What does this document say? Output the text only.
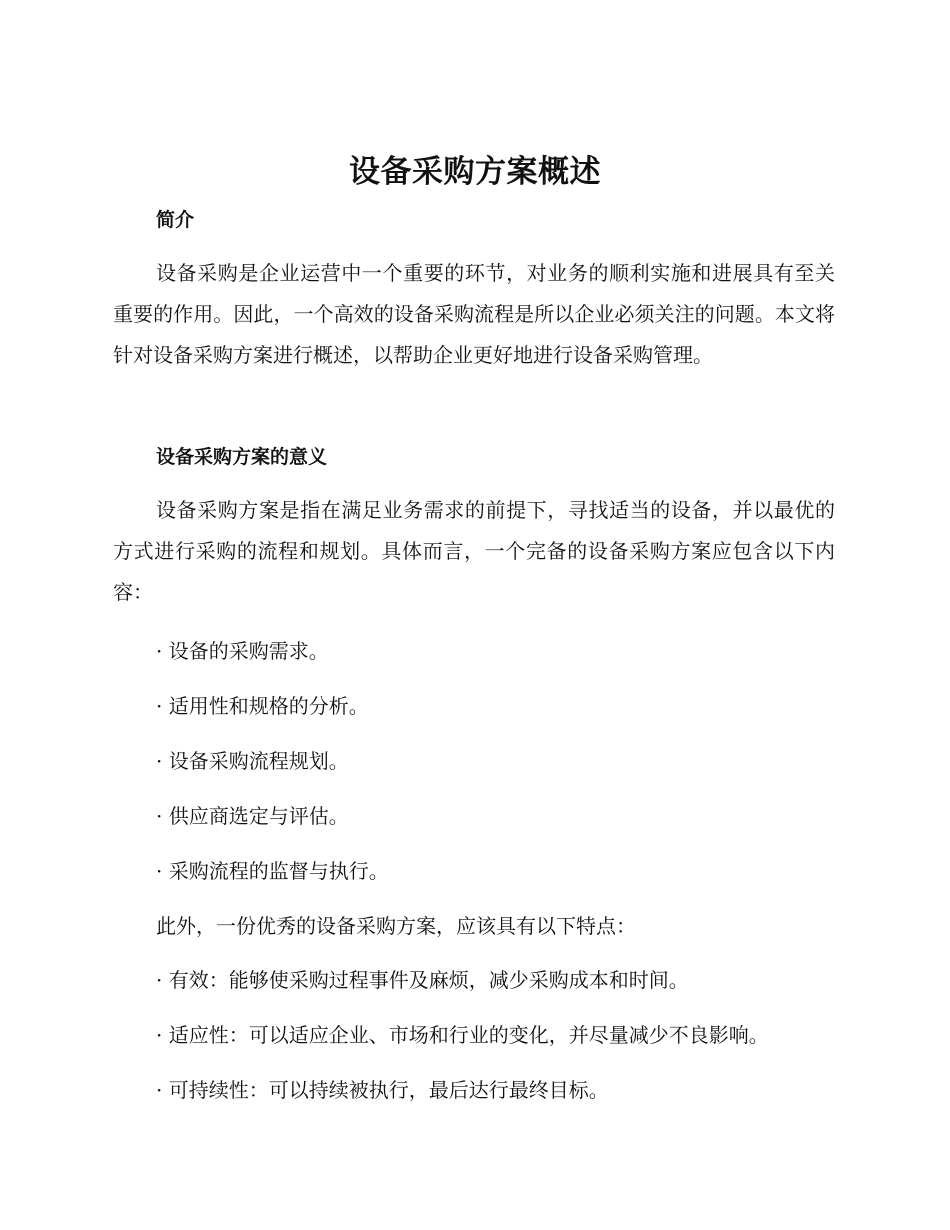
设备采购方案概述
简介

设备采购是企业运营中一个重要的环节，对业务的顺利实施和进展具有至关重要的作用。因此，一个高效的设备采购流程是所以企业必须关注的问题。本文将针对设备采购方案进行概述，以帮助企业更好地进行设备采购管理。

设备采购方案的意义

设备采购方案是指在满足业务需求的前提下，寻找适当的设备，并以最优的方式进行采购的流程和规划。具体而言，一个完备的设备采购方案应包含以下内容：

· 设备的采购需求。

· 适用性和规格的分析。

· 设备采购流程规划。

· 供应商选定与评估。

· 采购流程的监督与执行。

此外，一份优秀的设备采购方案，应该具有以下特点：

· 有效：能够使采购过程事件及麻烦，减少采购成本和时间。

· 适应性：可以适应企业、市场和行业的变化，并尽量减少不良影响。

· 可持续性：可以持续被执行，最后达行最终目标。
